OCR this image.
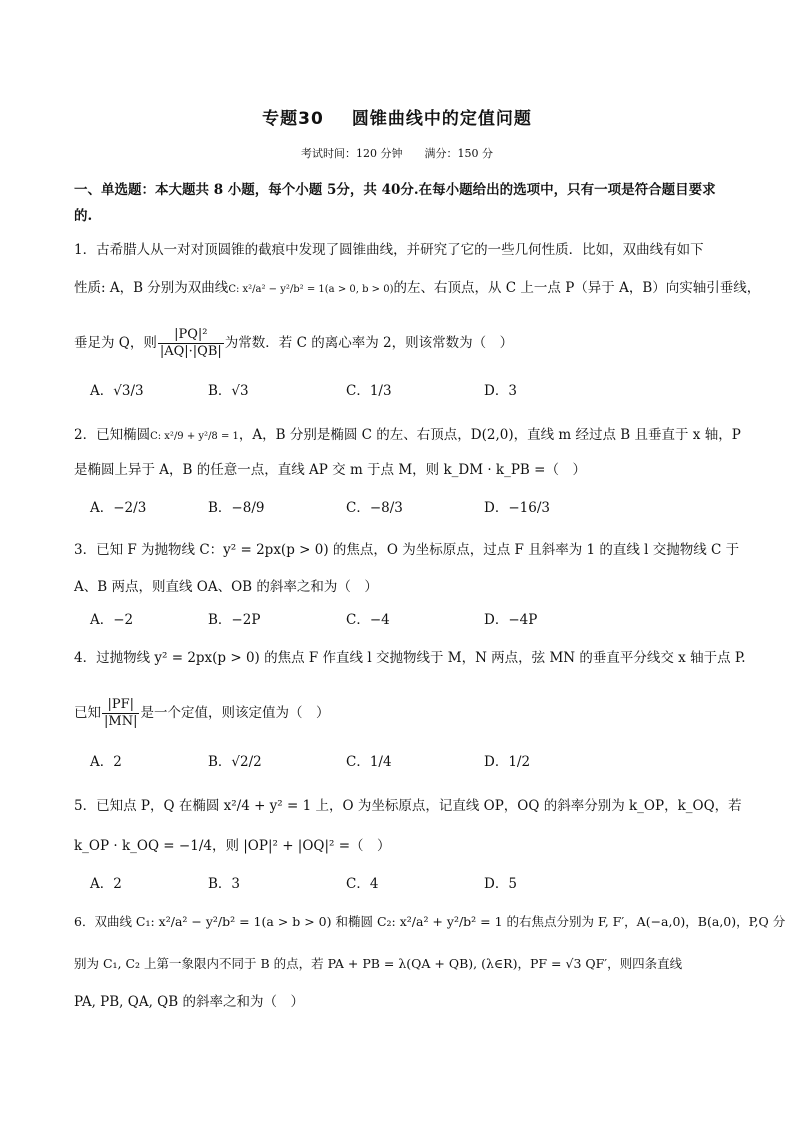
专题30 圆锥曲线中的定值问题
考试时间：120 分钟 满分：150 分
一、单选题：本大题共 8 小题，每个小题 5分，共 40分.在每小题给出的选项中，只有一项是符合题目要求
的.
1．古希腊人从一对对顶圆锥的截痕中发现了圆锥曲线，并研究了它的一些几何性质．比如，双曲线有如下
性质: A，B 分别为双曲线C: x²/a² − y²/b² = 1(a > 0, b > 0)的左、右顶点，从 C 上一点 P（异于 A，B）向实轴引垂线，
垂足为 Q，则 $\frac{\text{|PQ|²}}{|AQ|\cdot|QB|}$ 为常数．若 C 的离心率为 2，则该常数为（　）
A．√3/3	B．√3	C．1/3	D．3
2．已知椭圆C: x²/9 + y²/8 = 1，A，B 分别是椭圆 C 的左、右顶点，D(2,0)，直线 m 经过点 B 且垂直于 x 轴，P
是椭圆上异于 A，B 的任意一点，直线 AP 交 m 于点 M，则 k_DM · k_PB =（　）
A．−2/3	B．−8/9	C．−8/3	D．−16/3
3．已知 F 为抛物线 C：y² = 2px(p > 0) 的焦点，O 为坐标原点，过点 F 且斜率为 1 的直线 l 交抛物线 C 于
A、B 两点，则直线 OA、OB 的斜率之和为（　）
A．−2	B．−2P	C．−4	D．−4P
4．过抛物线 y² = 2px(p > 0) 的焦点 F 作直线 l 交抛物线于 M，N 两点，弦 MN 的垂直平分线交 x 轴于点 P.
已知 $\frac{|PF|}{|MN|}$ 是一个定值，则该定值为（　）
A．2	B．√2/2	C．1/4	D．1/2
5．已知点 P，Q 在椭圆 x²/4 + y² = 1 上，O 为坐标原点，记直线 OP，OQ 的斜率分别为 k_OP，k_OQ，若
k_OP · k_OQ = −1/4，则 |OP|² + |OQ|² =（　）
A．2	B．3	C．4	D．5
6．双曲线 C₁: x²/a² − y²/b² = 1(a > b > 0) 和椭圆 C₂: x²/a² + y²/b² = 1 的右焦点分别为 F, F′，A(−a,0)，B(a,0)，P,Q 分
别为 C₁, C₂ 上第一象限内不同于 B 的点，若 PA + PB = λ(QA + QB), (λ∈R)，PF = √3 QF′，则四条直线
PA, PB, QA, QB 的斜率之和为（　）
